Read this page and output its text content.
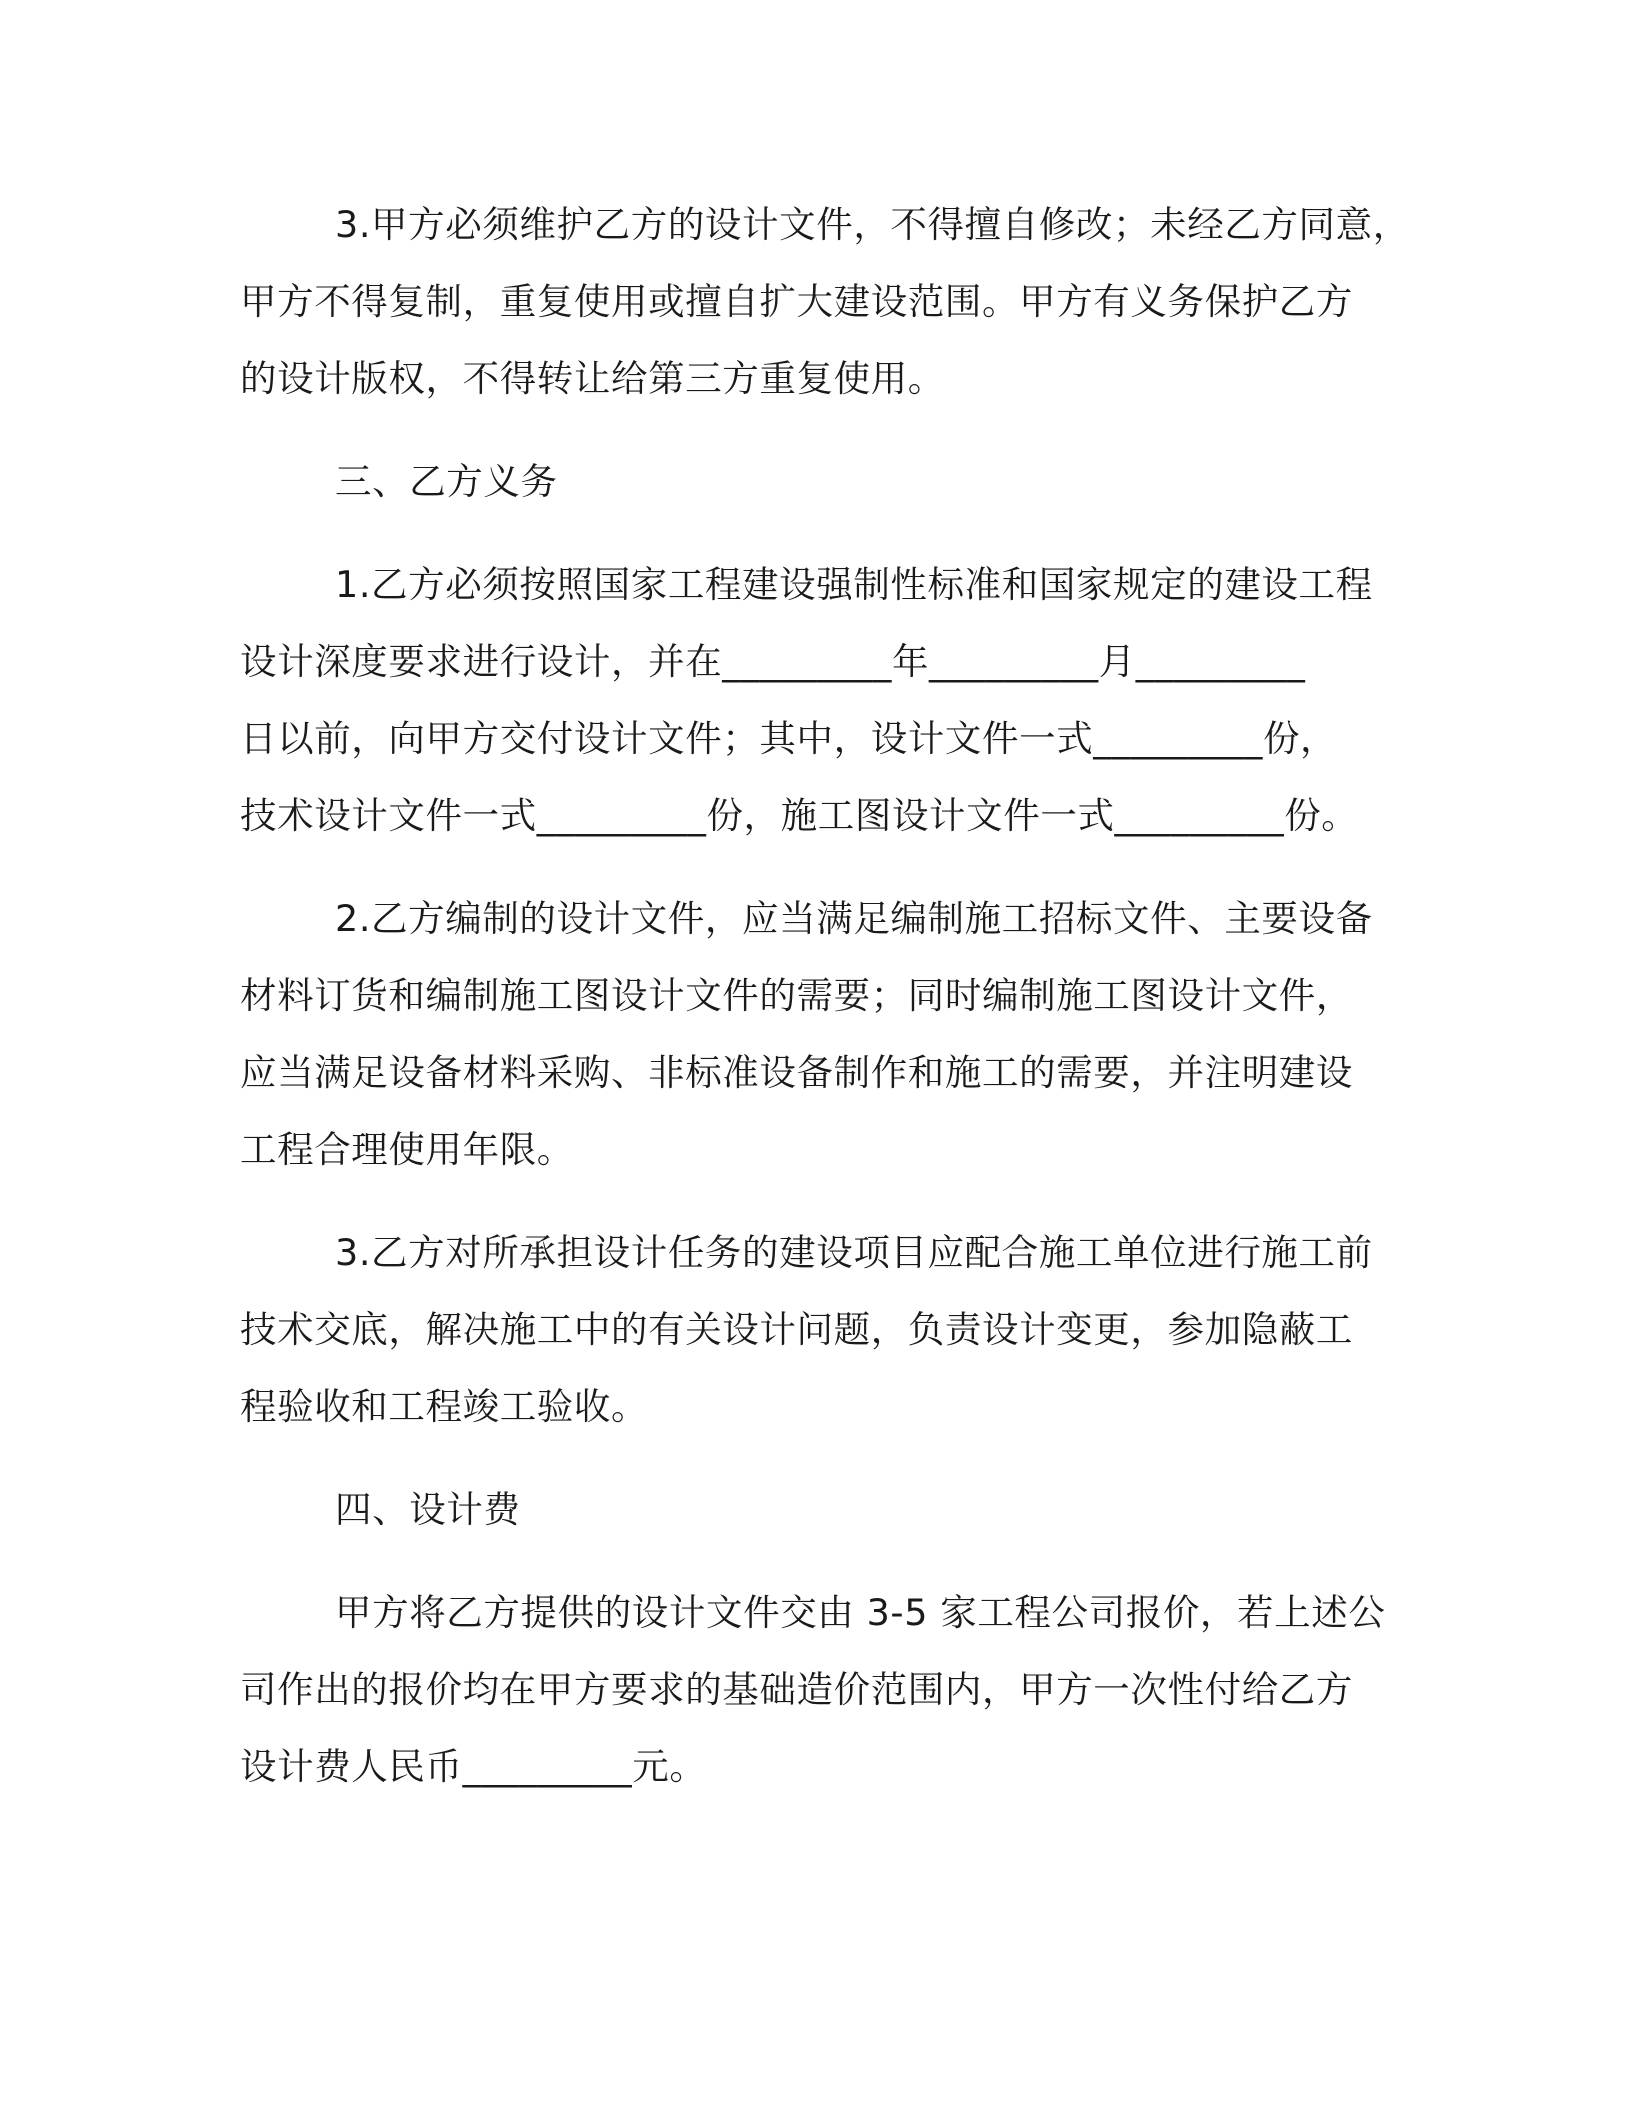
3.甲方必须维护乙方的设计文件，不得擅自修改；未经乙方同意，
甲方不得复制，重复使用或擅自扩大建设范围。甲方有义务保护乙方
的设计版权，不得转让给第三方重复使用。

三、乙方义务

1.乙方必须按照国家工程建设强制性标准和国家规定的建设工程
设计深度要求进行设计，并在_________年_________月_________
日以前，向甲方交付设计文件；其中，设计文件一式_________份，
技术设计文件一式_________份，施工图设计文件一式_________份。

2.乙方编制的设计文件，应当满足编制施工招标文件、主要设备
材料订货和编制施工图设计文件的需要；同时编制施工图设计文件，
应当满足设备材料采购、非标准设备制作和施工的需要，并注明建设
工程合理使用年限。

3.乙方对所承担设计任务的建设项目应配合施工单位进行施工前
技术交底，解决施工中的有关设计问题，负责设计变更，参加隐蔽工
程验收和工程竣工验收。

四、设计费

甲方将乙方提供的设计文件交由 3-5 家工程公司报价，若上述公
司作出的报价均在甲方要求的基础造价范围内，甲方一次性付给乙方
设计费人民币_________元。
